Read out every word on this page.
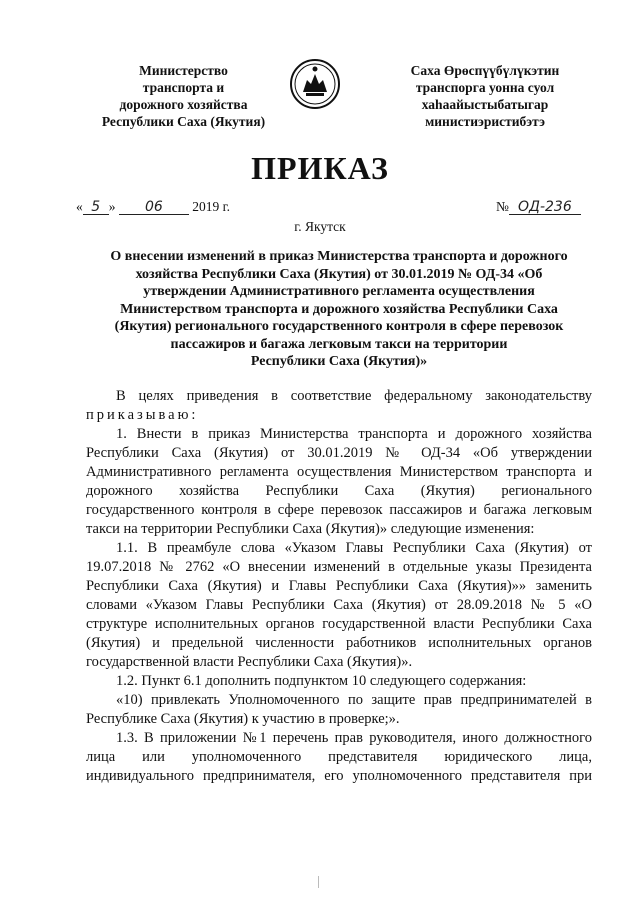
Министерство
транспорта и
дорожного хозяйства
Республики Саха (Якутия)
Саха Өрөспүүбүлүкэтин
транспорга уонна суол
хаһаайыстыбатыгар
министиэристибэтэ
ПРИКАЗ
« 5 » 06 2019 г.	№ ОД-236
г. Якутск
О внесении изменений в приказ Министерства транспорта и дорожного
хозяйства Республики Саха (Якутия) от 30.01.2019 № ОД-34 «Об
утверждении Административного регламента осуществления
Министерством транспорта и дорожного хозяйства Республики Саха
(Якутия) регионального государственного контроля в сфере перевозок
пассажиров и багажа легковым такси на территории
Республики Саха (Якутия)»
В целях приведения в соответствие федеральному законодательству
приказываю:
1. Внести в приказ Министерства транспорта и дорожного хозяйства
Республики Саха (Якутия) от 30.01.2019 № ОД-34 «Об утверждении
Административного регламента осуществления Министерством транспорта и
дорожного хозяйства Республики Саха (Якутия) регионального
государственного контроля в сфере перевозок пассажиров и багажа легковым
такси на территории Республики Саха (Якутия)» следующие изменения:
1.1. В преамбуле слова «Указом Главы Республики Саха (Якутия) от
19.07.2018 № 2762 «О внесении изменений в отдельные указы Президента
Республики Саха (Якутия) и Главы Республики Саха (Якутия)»» заменить
словами «Указом Главы Республики Саха (Якутия) от 28.09.2018 № 5 «О
структуре исполнительных органов государственной власти Республики Саха
(Якутия) и предельной численности работников исполнительных органов
государственной власти Республики Саха (Якутия)».
1.2. Пункт 6.1 дополнить подпунктом 10 следующего содержания:
«10) привлекать Уполномоченного по защите прав предпринимателей в
Республике Саха (Якутия) к участию в проверке;».
1.3. В приложении №1 перечень прав руководителя, иного должностного
лица или уполномоченного представителя юридического лица,
индивидуального предпринимателя, его уполномоченного представителя при
